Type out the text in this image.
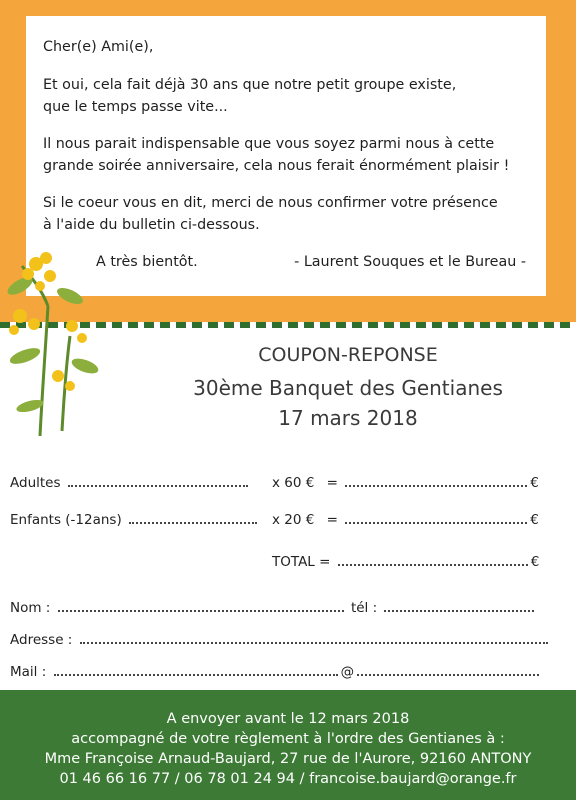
Cher(e) Ami(e),

Et oui, cela fait déjà 30 ans que notre petit groupe existe,

que le temps passe vite...

Il nous parait indispensable que vous soyez parmi nous à cette

grande soirée anniversaire, cela nous ferait énormément plaisir !

Si le coeur vous en dit, merci de nous confirmer votre présence

à l'aide du bulletin ci-dessous.

A très bientôt.	- Laurent Souques et le Bureau -

COUPON-REPONSE

30ème Banquet des Gentianes

17 mars 2018

Adultes	x 60 € =	€
Enfants (-12ans)	x 20 € =	€
TOTAL =	€
Nom :	tél :
Adresse :
Mail :	@

A envoyer avant le 12 mars 2018

accompagné de votre règlement à l'ordre des Gentianes à :

Mme Françoise Arnaud-Baujard, 27 rue de l'Aurore, 92160 ANTONY

01 46 66 16 77 / 06 78 01 24 94 / francoise.baujard@orange.fr
